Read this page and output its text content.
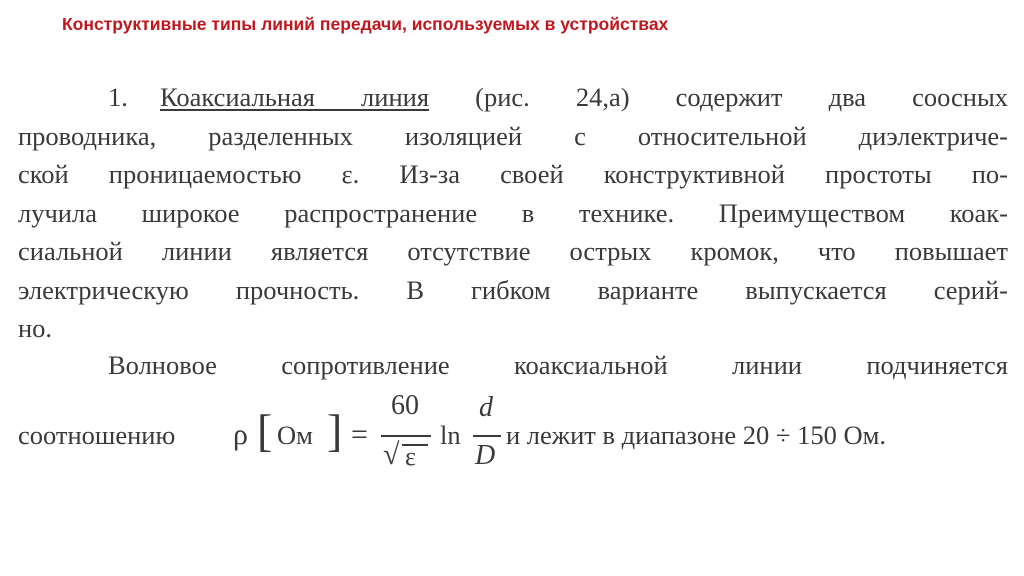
Конструктивные типы линий передачи, используемых в устройствах
1. Коаксиальная линия (рис. 24,а) содержит два соосных
проводника, разделенных изоляцией с относительной диэлектриче-
ской проницаемостью ε. Из-за своей конструктивной простоты по-
лучила широкое распространение в технике. Преимуществом коак-
сиальной линии является отсутствие острых кромок, что повышает
электрическую прочность. В гибком варианте выпускается серий-
но.
Волновое сопротивление коаксиальной линии подчиняется
соотношению ρ [ Ом ] =
60
√ ε
ln
d
D
и лежит в диапазоне 20 ÷ 150 Ом.
